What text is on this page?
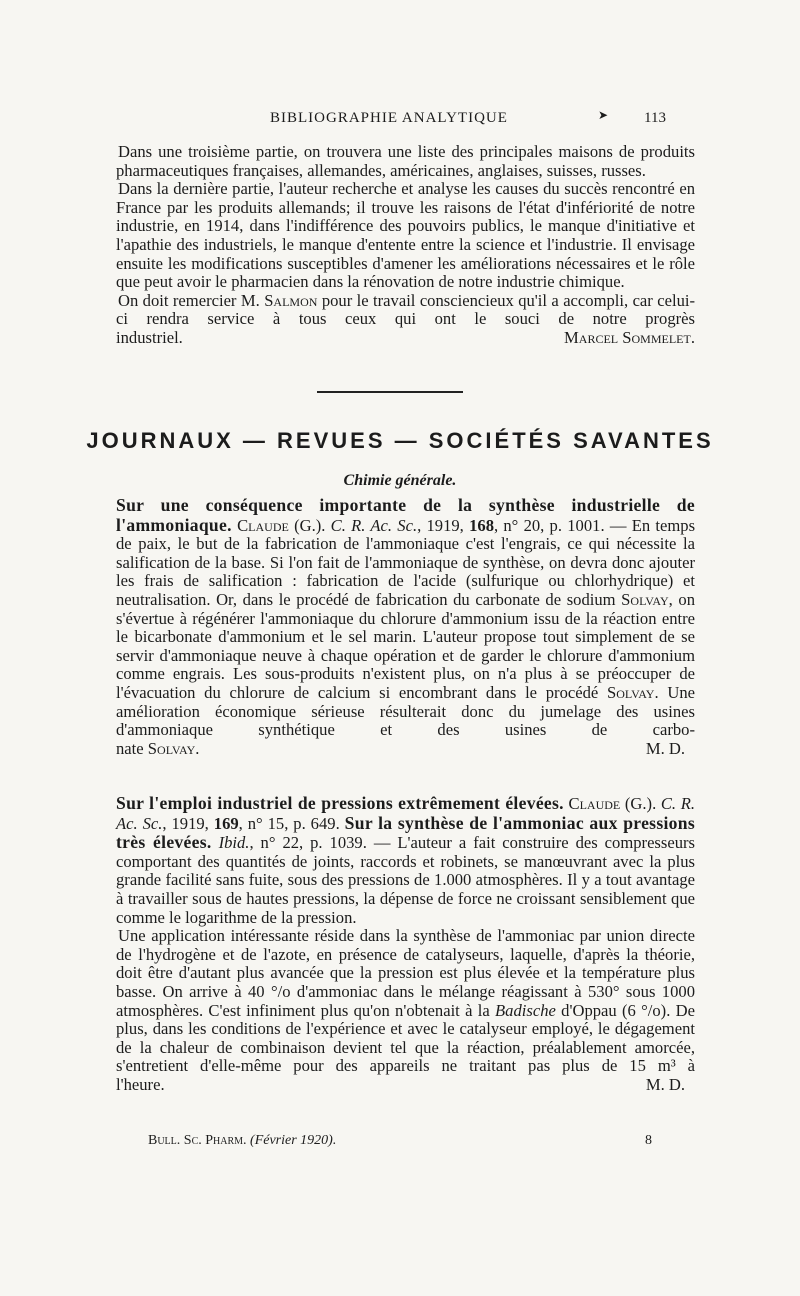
BIBLIOGRAPHIE ANALYTIQUE	➤ 113

Dans une troisième partie, on trouvera une liste des principales maisons de produits pharmaceutiques françaises, allemandes, américaines, anglaises, suisses, russes.

Dans la dernière partie, l'auteur recherche et analyse les causes du succès rencontré en France par les produits allemands; il trouve les raisons de l'état d'infériorité de notre industrie, en 1914, dans l'indifférence des pouvoirs publics, le manque d'initiative et l'apathie des industriels, le manque d'entente entre la science et l'industrie. Il envisage ensuite les modifications susceptibles d'amener les améliorations nécessaires et le rôle que peut avoir le pharmacien dans la rénovation de notre industrie chimique.

On doit remercier M. Salmon pour le travail consciencieux qu'il a accompli, car celui-ci rendra service à tous ceux qui ont le souci de notre progrès

industriel.	Marcel Sommelet.
JOURNAUX — REVUES — SOCIÉTÉS SAVANTES
Chimie générale.

Sur une conséquence importante de la synthèse industrielle de l'ammoniaque. Claude (G.). C. R. Ac. Sc., 1919, 168, n° 20, p. 1001. — En temps de paix, le but de la fabrication de l'ammoniaque c'est l'engrais, ce qui nécessite la salification de la base. Si l'on fait de l'ammoniaque de synthèse, on devra donc ajouter les frais de salification : fabrication de l'acide (sulfurique ou chlorhydrique) et neutralisation. Or, dans le procédé de fabrication du carbonate de sodium Solvay, on s'évertue à régénérer l'ammoniaque du chlorure d'ammonium issu de la réaction entre le bicarbonate d'ammonium et le sel marin. L'auteur propose tout simplement de se servir d'ammoniaque neuve à chaque opération et de garder le chlorure d'ammonium comme engrais. Les sous-produits n'existent plus, on n'a plus à se préoccuper de l'évacuation du chlorure de calcium si encombrant dans le procédé Solvay. Une amélioration économique sérieuse résulterait donc du jumelage des usines d'ammoniaque synthétique et des usines de carbo-

nate Solvay.	M. D.

Sur l'emploi industriel de pressions extrêmement élevées. Claude (G.). C. R. Ac. Sc., 1919, 169, n° 15, p. 649. Sur la synthèse de l'ammoniac aux pressions très élevées. Ibid., n° 22, p. 1039. — L'auteur a fait construire des compresseurs comportant des quantités de joints, raccords et robinets, se manœuvrant avec la plus grande facilité sans fuite, sous des pressions de 1.000 atmosphères. Il y a tout avantage à travailler sous de hautes pressions, la dépense de force ne croissant sensiblement que comme le logarithme de la pression.

Une application intéressante réside dans la synthèse de l'ammoniac par union directe de l'hydrogène et de l'azote, en présence de catalyseurs, laquelle, d'après la théorie, doit être d'autant plus avancée que la pression est plus élevée et la température plus basse. On arrive à 40 °/o d'ammoniac dans le mélange réagissant à 530° sous 1000 atmosphères. C'est infiniment plus qu'on n'obtenait à la Badische d'Oppau (6 °/o). De plus, dans les conditions de l'expérience et avec le catalyseur employé, le dégagement de la chaleur de combinaison devient tel que la réaction, préalablement amorcée, s'entretient d'elle-même pour des appareils ne traitant pas plus de 15 m³ à

l'heure.	M. D.
Bull. Sc. Pharm. (Février 1920).	8
